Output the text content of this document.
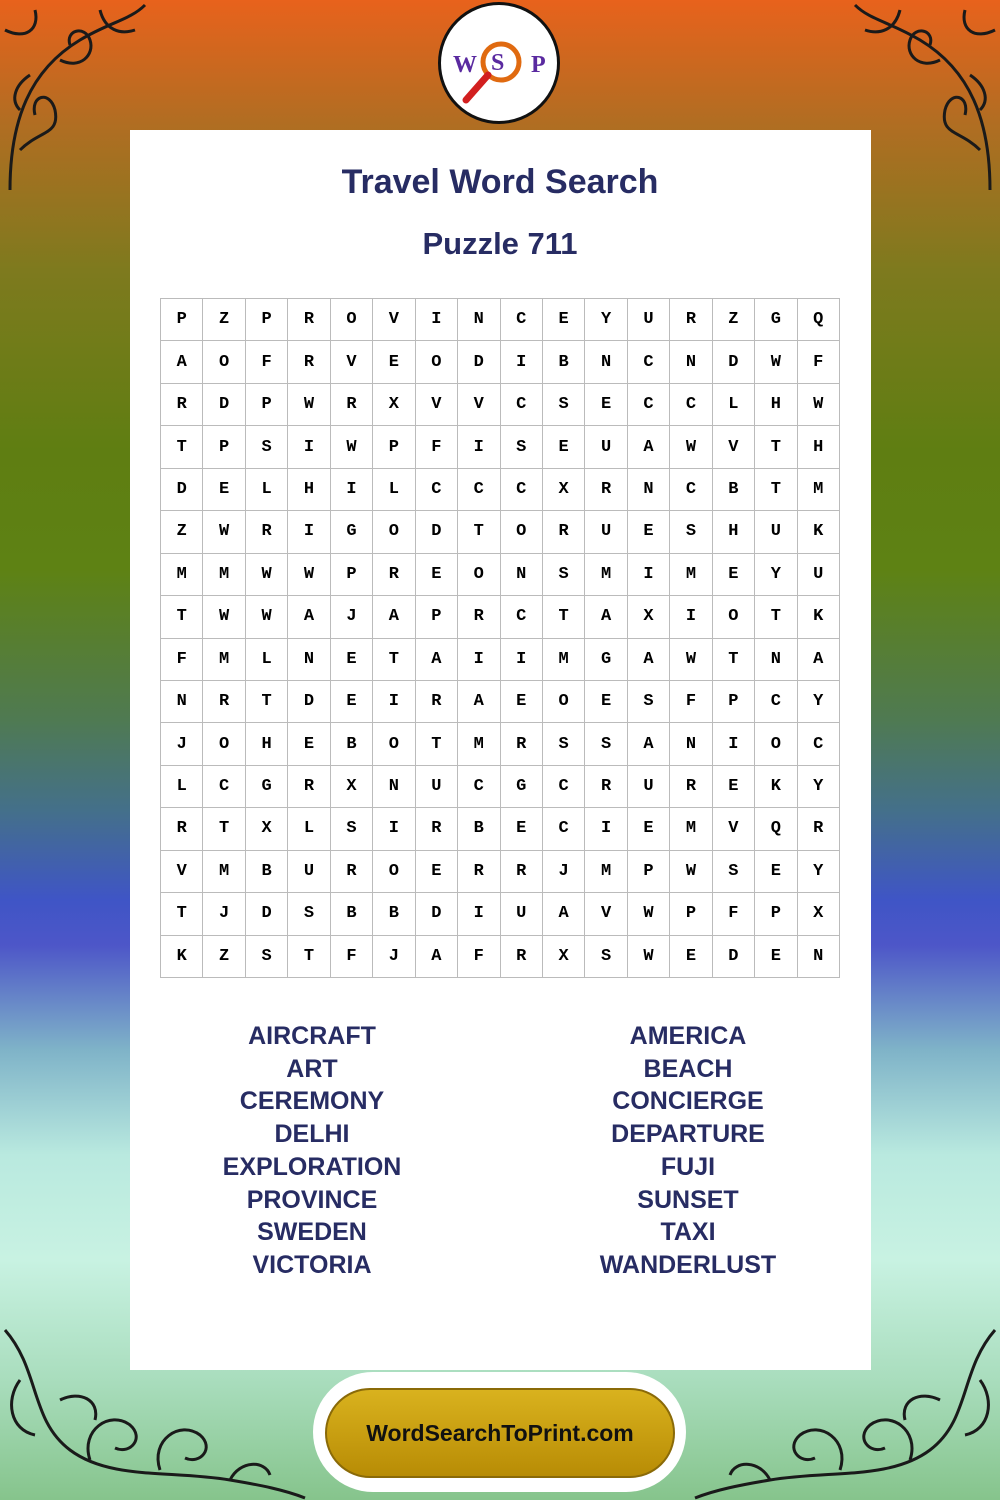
W S P
Travel Word Search
Puzzle 711
P	Z	P	R	O	V	I	N	C	E	Y	U	R	Z	G	Q
A	O	F	R	V	E	O	D	I	B	N	C	N	D	W	F
R	D	P	W	R	X	V	V	C	S	E	C	C	L	H	W
T	P	S	I	W	P	F	I	S	E	U	A	W	V	T	H
D	E	L	H	I	L	C	C	C	X	R	N	C	B	T	M
Z	W	R	I	G	O	D	T	O	R	U	E	S	H	U	K
M	M	W	W	P	R	E	O	N	S	M	I	M	E	Y	U
T	W	W	A	J	A	P	R	C	T	A	X	I	O	T	K
F	M	L	N	E	T	A	I	I	M	G	A	W	T	N	A
N	R	T	D	E	I	R	A	E	O	E	S	F	P	C	Y
J	O	H	E	B	O	T	M	R	S	S	A	N	I	O	C
L	C	G	R	X	N	U	C	G	C	R	U	R	E	K	Y
R	T	X	L	S	I	R	B	E	C	I	E	M	V	Q	R
V	M	B	U	R	O	E	R	R	J	M	P	W	S	E	Y
T	J	D	S	B	B	D	I	U	A	V	W	P	F	P	X
K	Z	S	T	F	J	A	F	R	X	S	W	E	D	E	N
AIRCRAFT
ART
CEREMONY
DELHI
EXPLORATION
PROVINCE
SWEDEN
VICTORIA
AMERICA
BEACH
CONCIERGE
DEPARTURE
FUJI
SUNSET
TAXI
WANDERLUST
WordSearchToPrint.com
